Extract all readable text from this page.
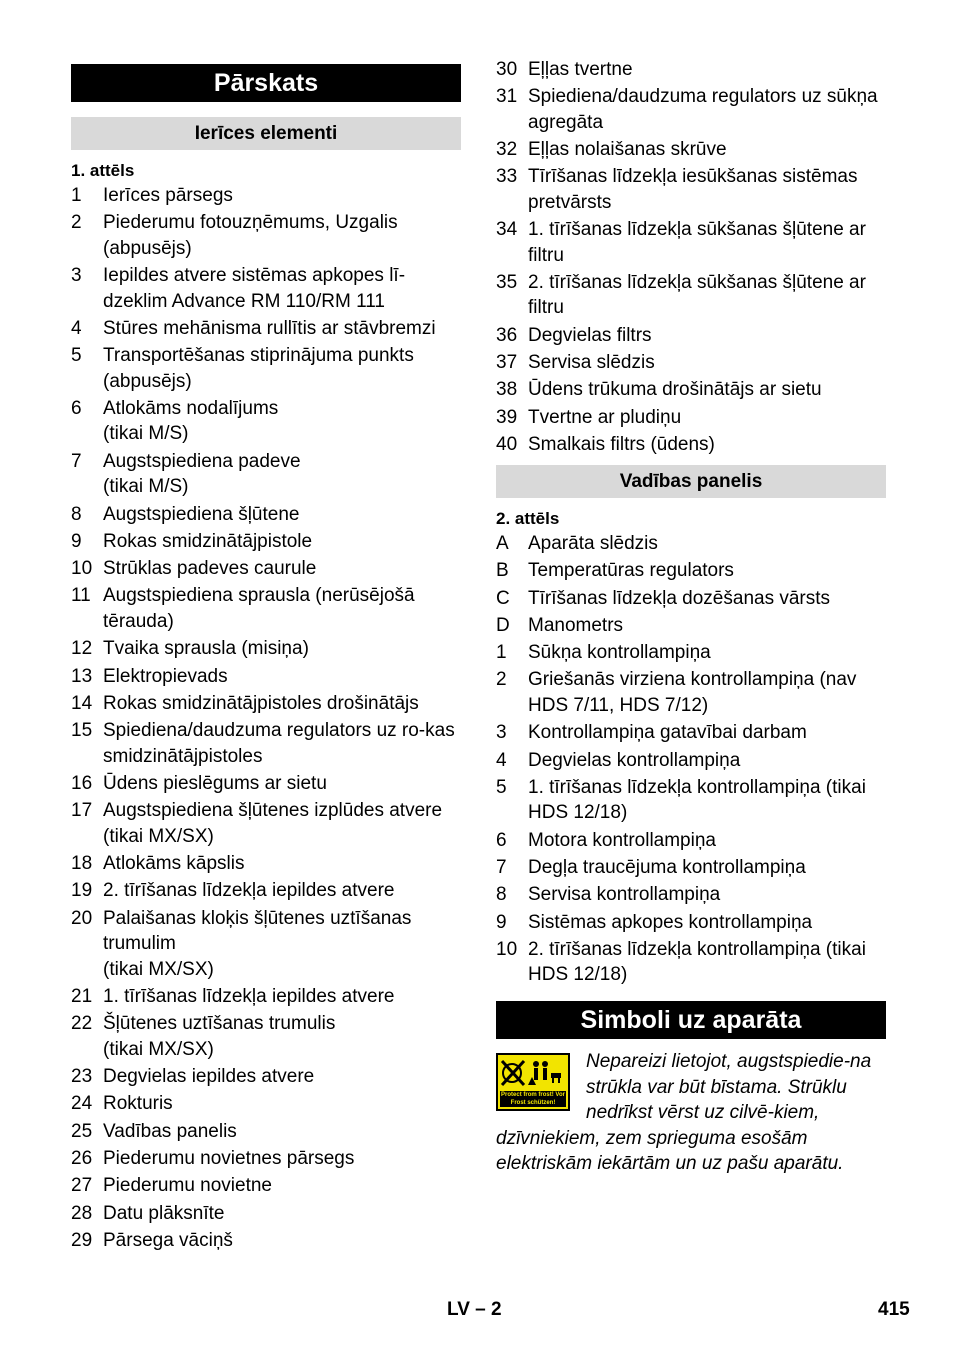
Pārskats
Ierīces elementi
1. attēls
1	Ierīces pārsegs
2	Piederumu fotouzņēmums, Uzgalis (abpusējs)
3	Iepildes atvere sistēmas apkopes lī-dzeklim Advance RM 110/RM 111
4	Stūres mehānisma rullītis ar stāvbremzi
5	Transportēšanas stiprinājuma punkts (abpusējs)
6	Atlokāms nodalījums
(tikai M/S)
7	Augstspiediena padeve
(tikai M/S)
8	Augstspiediena šļūtene
9	Rokas smidzinātājpistole
10 Strūklas padeves caurule
11 Augstspiediena sprausla (nerūsējošā tērauda)
12 Tvaika sprausla (misiņa)
13 Elektropievads
14 Rokas smidzinātājpistoles drošinātājs
15 Spiediena/daudzuma regulators uz ro-kas smidzinātājpistoles
16 Ūdens pieslēgums ar sietu
17 Augstspiediena šļūtenes izplūdes atvere
(tikai MX/SX)
18 Atlokāms kāpslis
19 2. tīrīšanas līdzekļa iepildes atvere
20 Palaišanas kloķis šļūtenes uztīšanas trumulim
(tikai MX/SX)
21 1. tīrīšanas līdzekļa iepildes atvere
22 Šļūtenes uztīšanas trumulis
(tikai MX/SX)
23 Degvielas iepildes atvere
24 Rokturis
25 Vadības panelis
26 Piederumu novietnes pārsegs
27 Piederumu novietne
28 Datu plāksnīte
29 Pārsega vāciņš
30 Eļļas tvertne
31 Spiediena/daudzuma regulators uz sūkņa agregāta
32 Eļļas nolaišanas skrūve
33 Tīrīšanas līdzekļa iesūkšanas sistēmas pretvārsts
34 1. tīrīšanas līdzekļa sūkšanas šļūtene ar filtru
35 2. tīrīšanas līdzekļa sūkšanas šļūtene ar filtru
36 Degvielas filtrs
37 Servisa slēdzis
38 Ūdens trūkuma drošinātājs ar sietu
39 Tvertne ar pludiņu
40 Smalkais filtrs (ūdens)
Vadības panelis
2. attēls
A	Aparāta slēdzis
B	Temperatūras regulators
C Tīrīšanas līdzekļa dozēšanas vārsts
D Manometrs
1	Sūkņa kontrollampiņa
2	Griešanās virziena kontrollampiņa (nav HDS 7/11, HDS 7/12)
3	Kontrollampiņa gatavībai darbam
4	Degvielas kontrollampiņa
5	1. tīrīšanas līdzekļa kontrollampiņa (tikai HDS 12/18)
6	Motora kontrollampiņa
7	Degļa traucējuma kontrollampiņa
8	Servisa kontrollampiņa
9	Sistēmas apkopes kontrollampiņa
10 2. tīrīšanas līdzekļa kontrollampiņa (tikai HDS 12/18)
Simboli uz aparāta
Protect from frost! Vor Frost schützen!
Nepareizi lietojot, augstspiedie-na strūkla var būt bīstama. Strūklu nedrīkst vērst uz cilvē-kiem, dzīvniekiem, zem sprieguma esošām elektriskām iekārtām un uz pašu aparātu.
LV – 2	415
